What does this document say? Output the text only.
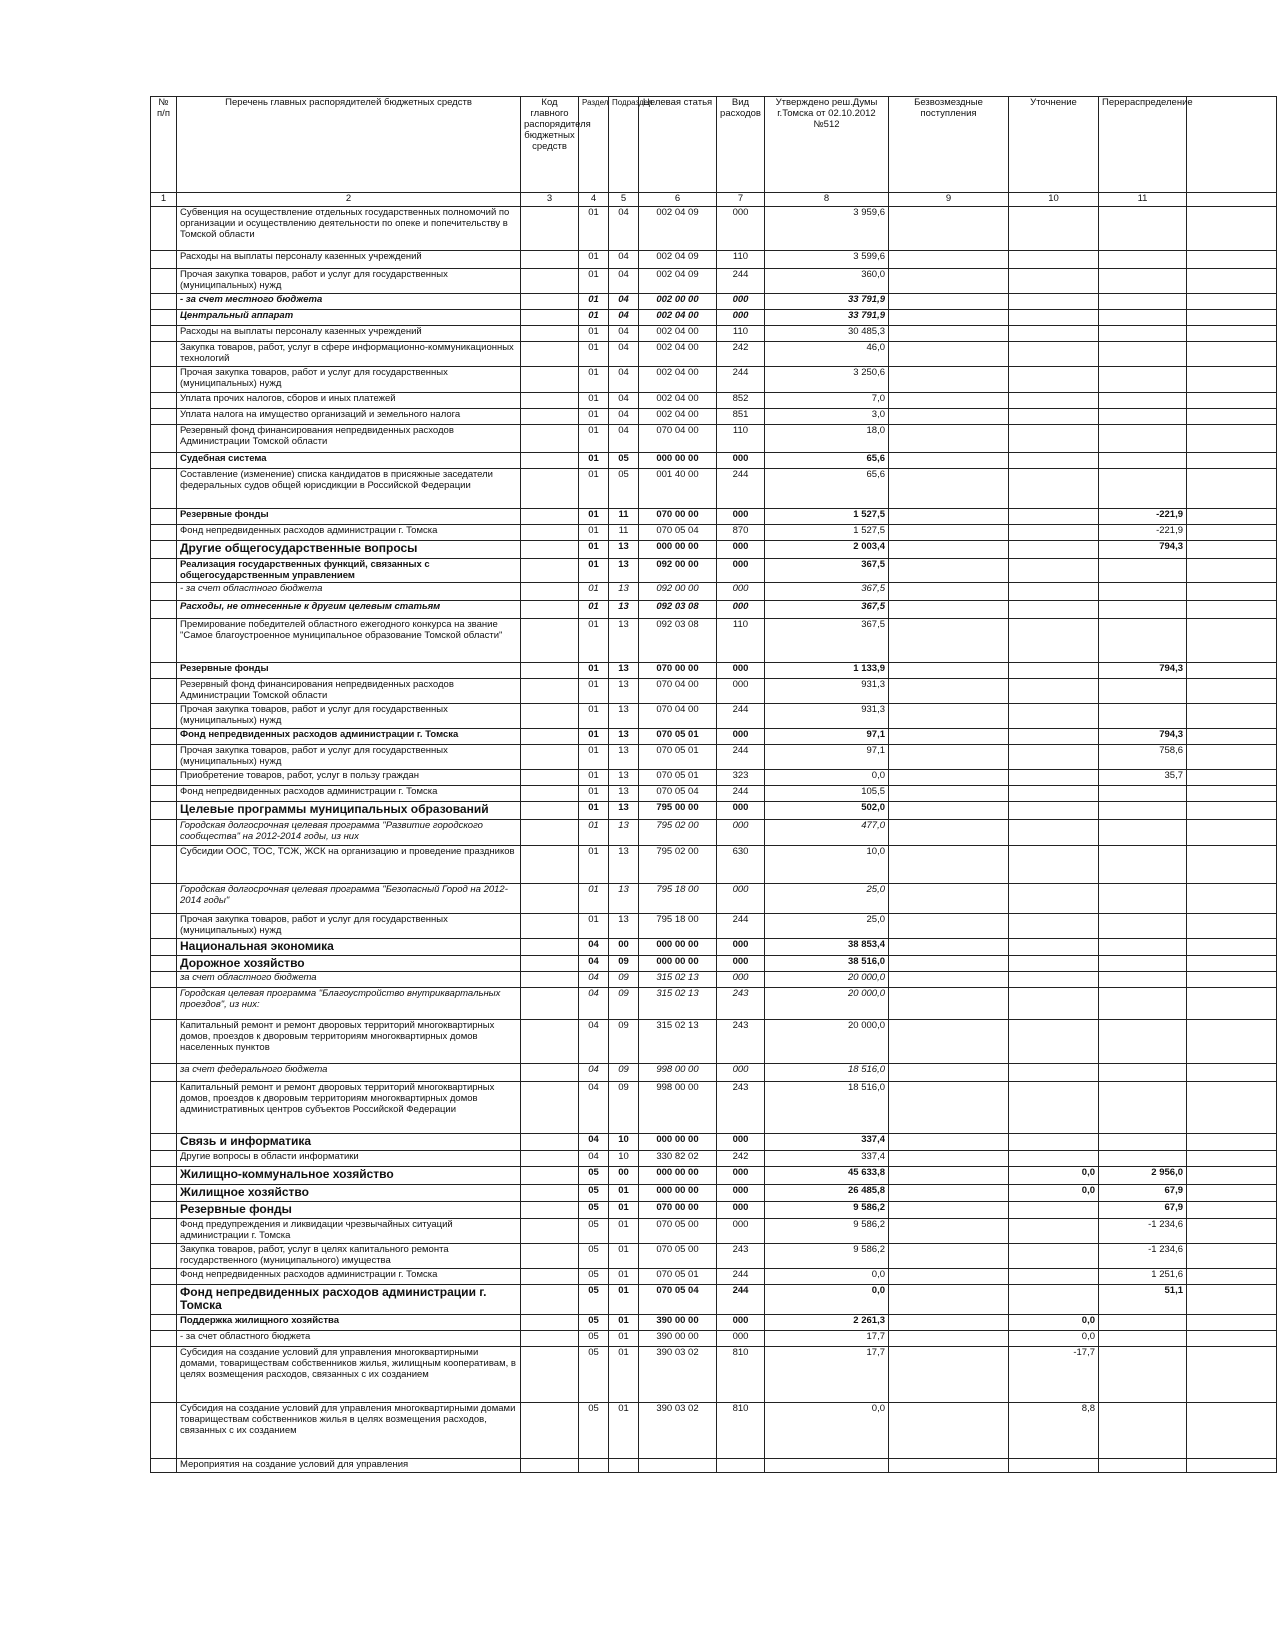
№ п/п	Перечень главных распорядителей бюджетных средств	Код главного распорядителя бюджетных средств	Раздел	Подраздел	Целевая статья	Вид расходов	Утверждено реш.Думы г.Томска от 02.10.2012 №512	Безвозмездные поступления	Уточнение	Перераспределение	
1	2	3	4	5	6	7	8	9	10	11	
	Субвенция на осуществление отдельных государственных полномочий по организации и осуществлению деятельности по опеке и попечительству в Томской области		01	04	002 04 09	000	3 959,6				
	Расходы на выплаты персоналу казенных учреждений		01	04	002 04 09	110	3 599,6				
	Прочая закупка товаров, работ и услуг для государственных (муниципальных) нужд		01	04	002 04 09	244	360,0				
	- за счет местного бюджета		01	04	002 00 00	000	33 791,9				
	Центральный аппарат		01	04	002 04 00	000	33 791,9				
	Расходы на выплаты персоналу казенных учреждений		01	04	002 04 00	110	30 485,3				
	Закупка товаров, работ, услуг в сфере информационно-коммуникационных технологий		01	04	002 04 00	242	46,0				
	Прочая закупка товаров, работ и услуг для государственных (муниципальных) нужд		01	04	002 04 00	244	3 250,6				
	Уплата прочих налогов, сборов и иных платежей		01	04	002 04 00	852	7,0				
	Уплата налога на имущество организаций и земельного налога		01	04	002 04 00	851	3,0				
	Резервный фонд финансирования непредвиденных расходов Администрации Томской области		01	04	070 04 00	110	18,0				
	Судебная система		01	05	000 00 00	000	65,6				
	Составление (изменение) списка кандидатов в присяжные заседатели федеральных судов общей юрисдикции в Российской Федерации		01	05	001 40 00	244	65,6				
	Резервные фонды		01	11	070 00 00	000	1 527,5			-221,9	
	Фонд непредвиденных расходов администрации г. Томска		01	11	070 05 04	870	1 527,5			-221,9	
	Другие общегосударственные вопросы		01	13	000 00 00	000	2 003,4			794,3	
	Реализация государственных функций, связанных с общегосударственным управлением		01	13	092 00 00	000	367,5				
	- за счет областного бюджета		01	13	092 00 00	000	367,5				
	Расходы, не отнесенные к другим целевым статьям		01	13	092 03 08	000	367,5				
	Премирование победителей областного ежегодного конкурса на звание "Самое благоустроенное муниципальное образование Томской области"		01	13	092 03 08	110	367,5				
	Резервные фонды		01	13	070 00 00	000	1 133,9			794,3	
	Резервный фонд финансирования непредвиденных расходов Администрации Томской области		01	13	070 04 00	000	931,3				
	Прочая закупка товаров, работ и услуг для государственных (муниципальных) нужд		01	13	070 04 00	244	931,3				
	Фонд непредвиденных расходов администрации г. Томска		01	13	070 05 01	000	97,1			794,3	
	Прочая закупка товаров, работ и услуг для государственных (муниципальных) нужд		01	13	070 05 01	244	97,1			758,6	
	Приобретение товаров, работ, услуг в пользу граждан		01	13	070 05 01	323	0,0			35,7	
	Фонд непредвиденных расходов администрации г. Томска		01	13	070 05 04	244	105,5				
	Целевые программы муниципальных образований		01	13	795 00 00	000	502,0				
	Городская долгосрочная целевая программа "Развитие городского сообщества" на 2012-2014 годы, из них		01	13	795 02 00	000	477,0				
	Субсидии ООС, ТОС, ТСЖ, ЖСК на организацию и проведение праздников		01	13	795 02 00	630	10,0				
	Городская долгосрочная целевая программа "Безопасный Город на 2012-2014 годы"		01	13	795 18 00	000	25,0				
	Прочая закупка товаров, работ и услуг для государственных (муниципальных) нужд		01	13	795 18 00	244	25,0				
	Национальная экономика		04	00	000 00 00	000	38 853,4				
	Дорожное хозяйство		04	09	000 00 00	000	38 516,0				
	за счет областного бюджета		04	09	315 02 13	000	20 000,0				
	Городская целевая программа "Благоустройство внутриквартальных проездов", из них:		04	09	315 02 13	243	20 000,0				
	Капитальный ремонт и ремонт дворовых территорий многоквартирных домов, проездов к дворовым территориям многоквартирных домов населенных пунктов		04	09	315 02 13	243	20 000,0				
	за счет федерального бюджета		04	09	998 00 00	000	18 516,0				
	Капитальный ремонт и ремонт дворовых территорий многоквартирных домов, проездов к дворовым территориям многоквартирных домов административных центров субъектов Российской Федерации		04	09	998 00 00	243	18 516,0				
	Связь и информатика		04	10	000 00 00	000	337,4				
	Другие вопросы в области информатики		04	10	330 82 02	242	337,4				
	Жилищно-коммунальное хозяйство		05	00	000 00 00	000	45 633,8		0,0	2 956,0	
	Жилищное хозяйство		05	01	000 00 00	000	26 485,8		0,0	67,9	
	Резервные фонды		05	01	070 00 00	000	9 586,2			67,9	
	Фонд предупреждения и ликвидации чрезвычайных ситуаций администрации г. Томска		05	01	070 05 00	000	9 586,2			-1 234,6	
	Закупка товаров, работ, услуг в целях капитального ремонта государственного (муниципального) имущества		05	01	070 05 00	243	9 586,2			-1 234,6	
	Фонд непредвиденных расходов администрации г. Томска		05	01	070 05 01	244	0,0			1 251,6	
	Фонд непредвиденных расходов администрации г. Томска		05	01	070 05 04	244	0,0			51,1	
	Поддержка жилищного хозяйства		05	01	390 00 00	000	2 261,3		0,0		
	- за счет областного бюджета		05	01	390 00 00	000	17,7		0,0		
	Субсидия на создание условий для управления многоквартирными домами, товариществам собственников жилья, жилищным кооперативам, в целях возмещения расходов, связанных с их созданием		05	01	390 03 02	810	17,7		-17,7		
	Субсидия на создание условий для управления многоквартирными домами товариществам собственников жилья в целях возмещения расходов, связанных с их созданием		05	01	390 03 02	810	0,0		8,8		
	Мероприятия на создание условий для управления										
